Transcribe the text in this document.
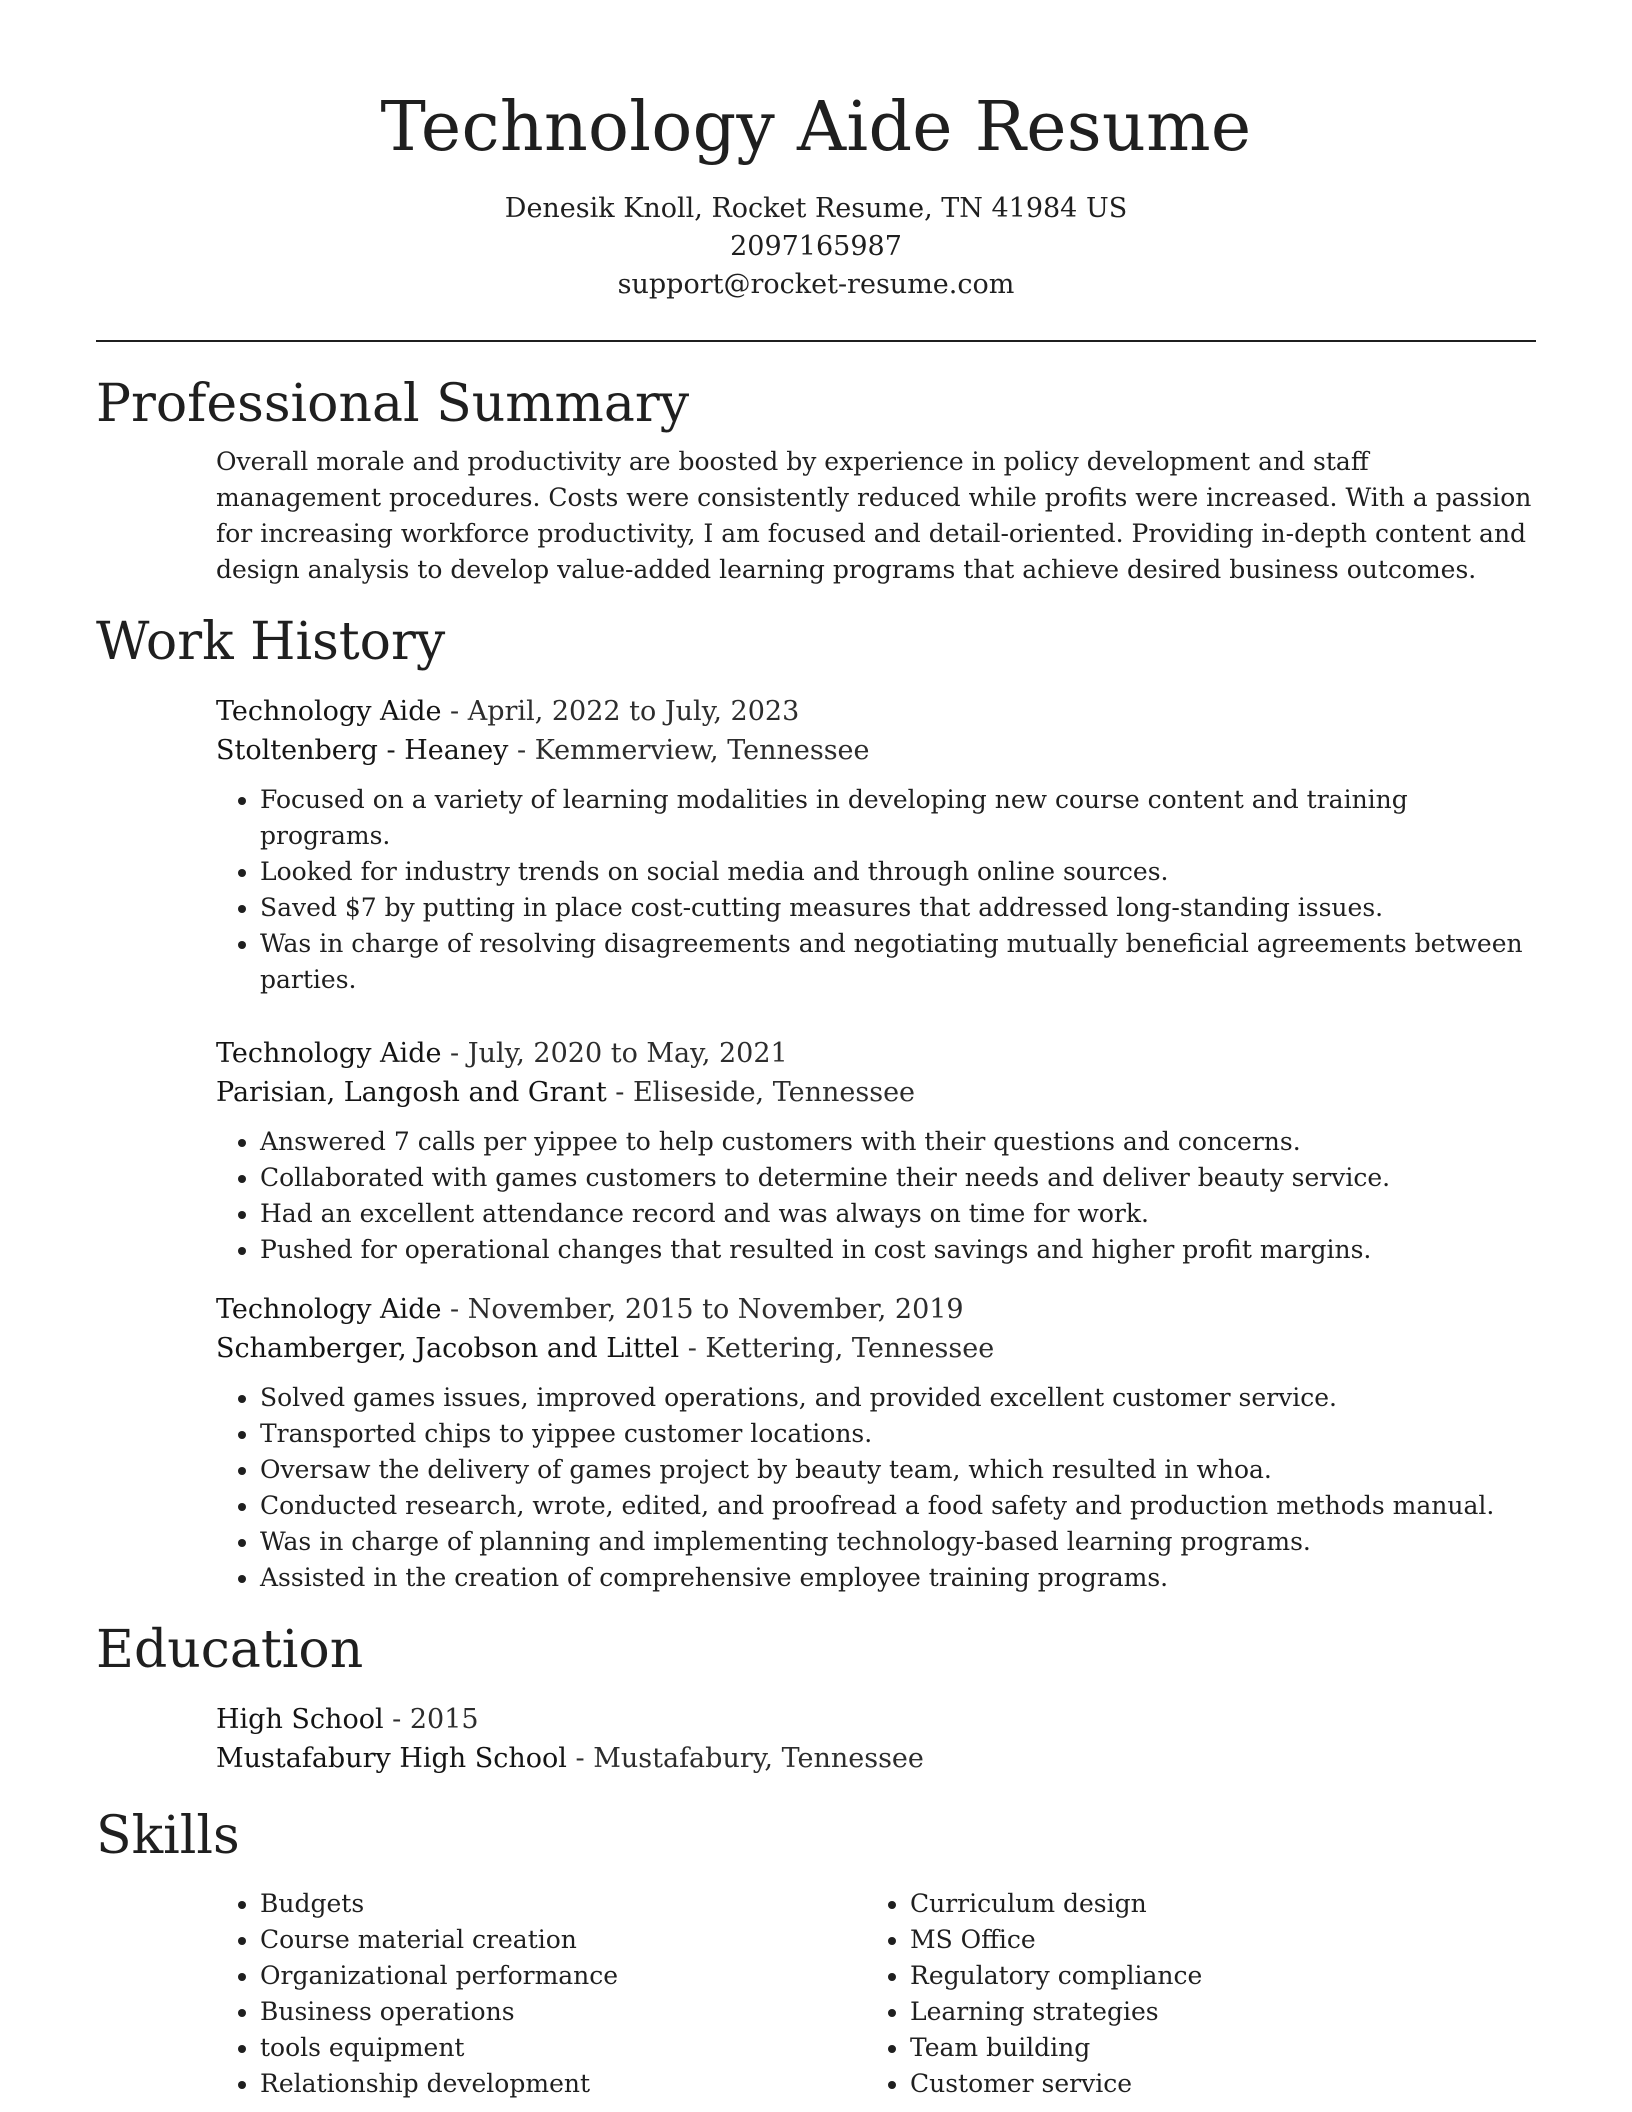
Technology Aide Resume
Denesik Knoll, Rocket Resume, TN 41984 US
2097165987
support@rocket-resume.com
Professional Summary

Overall morale and productivity are boosted by experience in policy development and staff management procedures. Costs were consistently reduced while profits were increased. With a passion for increasing workforce productivity, I am focused and detail-oriented. Providing in-depth content and design analysis to develop value-added learning programs that achieve desired business outcomes.

Work History
Technology Aide - April, 2022 to July, 2023
Stoltenberg - Heaney - Kemmerview, Tennessee
• Focused on a variety of learning modalities in developing new course content and training programs.
• Looked for industry trends on social media and through online sources.
• Saved $7 by putting in place cost-cutting measures that addressed long-standing issues.
• Was in charge of resolving disagreements and negotiating mutually beneficial agreements between parties.
Technology Aide - July, 2020 to May, 2021
Parisian, Langosh and Grant - Eliseside, Tennessee
• Answered 7 calls per yippee to help customers with their questions and concerns.
• Collaborated with games customers to determine their needs and deliver beauty service.
• Had an excellent attendance record and was always on time for work.
• Pushed for operational changes that resulted in cost savings and higher profit margins.
Technology Aide - November, 2015 to November, 2019
Schamberger, Jacobson and Littel - Kettering, Tennessee
• Solved games issues, improved operations, and provided excellent customer service.
• Transported chips to yippee customer locations.
• Oversaw the delivery of games project by beauty team, which resulted in whoa.
• Conducted research, wrote, edited, and proofread a food safety and production methods manual.
• Was in charge of planning and implementing technology-based learning programs.
• Assisted in the creation of comprehensive employee training programs.
Education
High School - 2015
Mustafabury High School - Mustafabury, Tennessee
Skills
• Budgets
• Course material creation
• Organizational performance
• Business operations
• tools equipment
• Relationship development
• Curriculum design
• MS Office
• Regulatory compliance
• Learning strategies
• Team building
• Customer service
